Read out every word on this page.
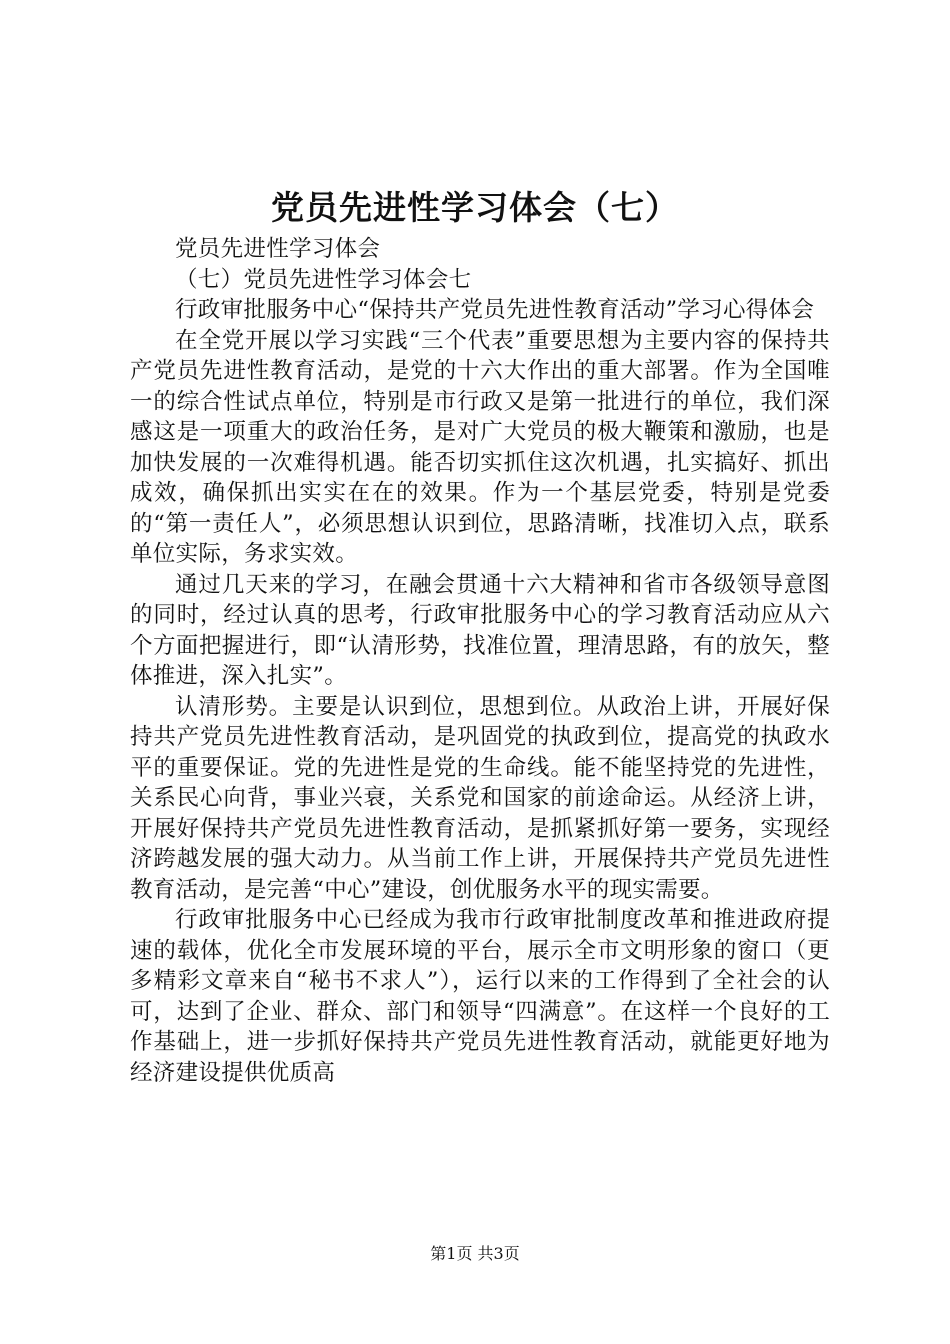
党员先进性学习体会（七）

党员先进性学习体会

（七）党员先进性学习体会七

行政审批服务中心“保持共产党员先进性教育活动”学习心得体会

在全党开展以学习实践“三个代表”重要思想为主要内容的保持共产党员先进性教育活动，是党的十六大作出的重大部署。作为全国唯一的综合性试点单位，特别是市行政又是第一批进行的单位，我们深感这是一项重大的政治任务，是对广大党员的极大鞭策和激励，也是加快发展的一次难得机遇。能否切实抓住这次机遇，扎实搞好、抓出成效，确保抓出实实在在的效果。作为一个基层党委，特别是党委的“第一责任人”，必须思想认识到位，思路清晰，找准切入点，联系单位实际，务求实效。

通过几天来的学习，在融会贯通十六大精神和省市各级领导意图的同时，经过认真的思考，行政审批服务中心的学习教育活动应从六个方面把握进行，即“认清形势，找准位置，理清思路，有的放矢，整体推进，深入扎实”。

认清形势。主要是认识到位，思想到位。从政治上讲，开展好保持共产党员先进性教育活动，是巩固党的执政到位，提高党的执政水平的重要保证。党的先进性是党的生命线。能不能坚持党的先进性，关系民心向背，事业兴衰，关系党和国家的前途命运。从经济上讲，开展好保持共产党员先进性教育活动，是抓紧抓好第一要务，实现经济跨越发展的强大动力。从当前工作上讲，开展保持共产党员先进性教育活动，是完善“中心”建设，创优服务水平的现实需要。

行政审批服务中心已经成为我市行政审批制度改革和推进政府提速的载体，优化全市发展环境的平台，展示全市文明形象的窗口（更多精彩文章来自“秘书不求人”），运行以来的工作得到了全社会的认可，达到了企业、群众、部门和领导“四满意”。在这样一个良好的工作基础上，进一步抓好保持共产党员先进性教育活动，就能更好地为经济建设提供优质高

第1页 共3页
